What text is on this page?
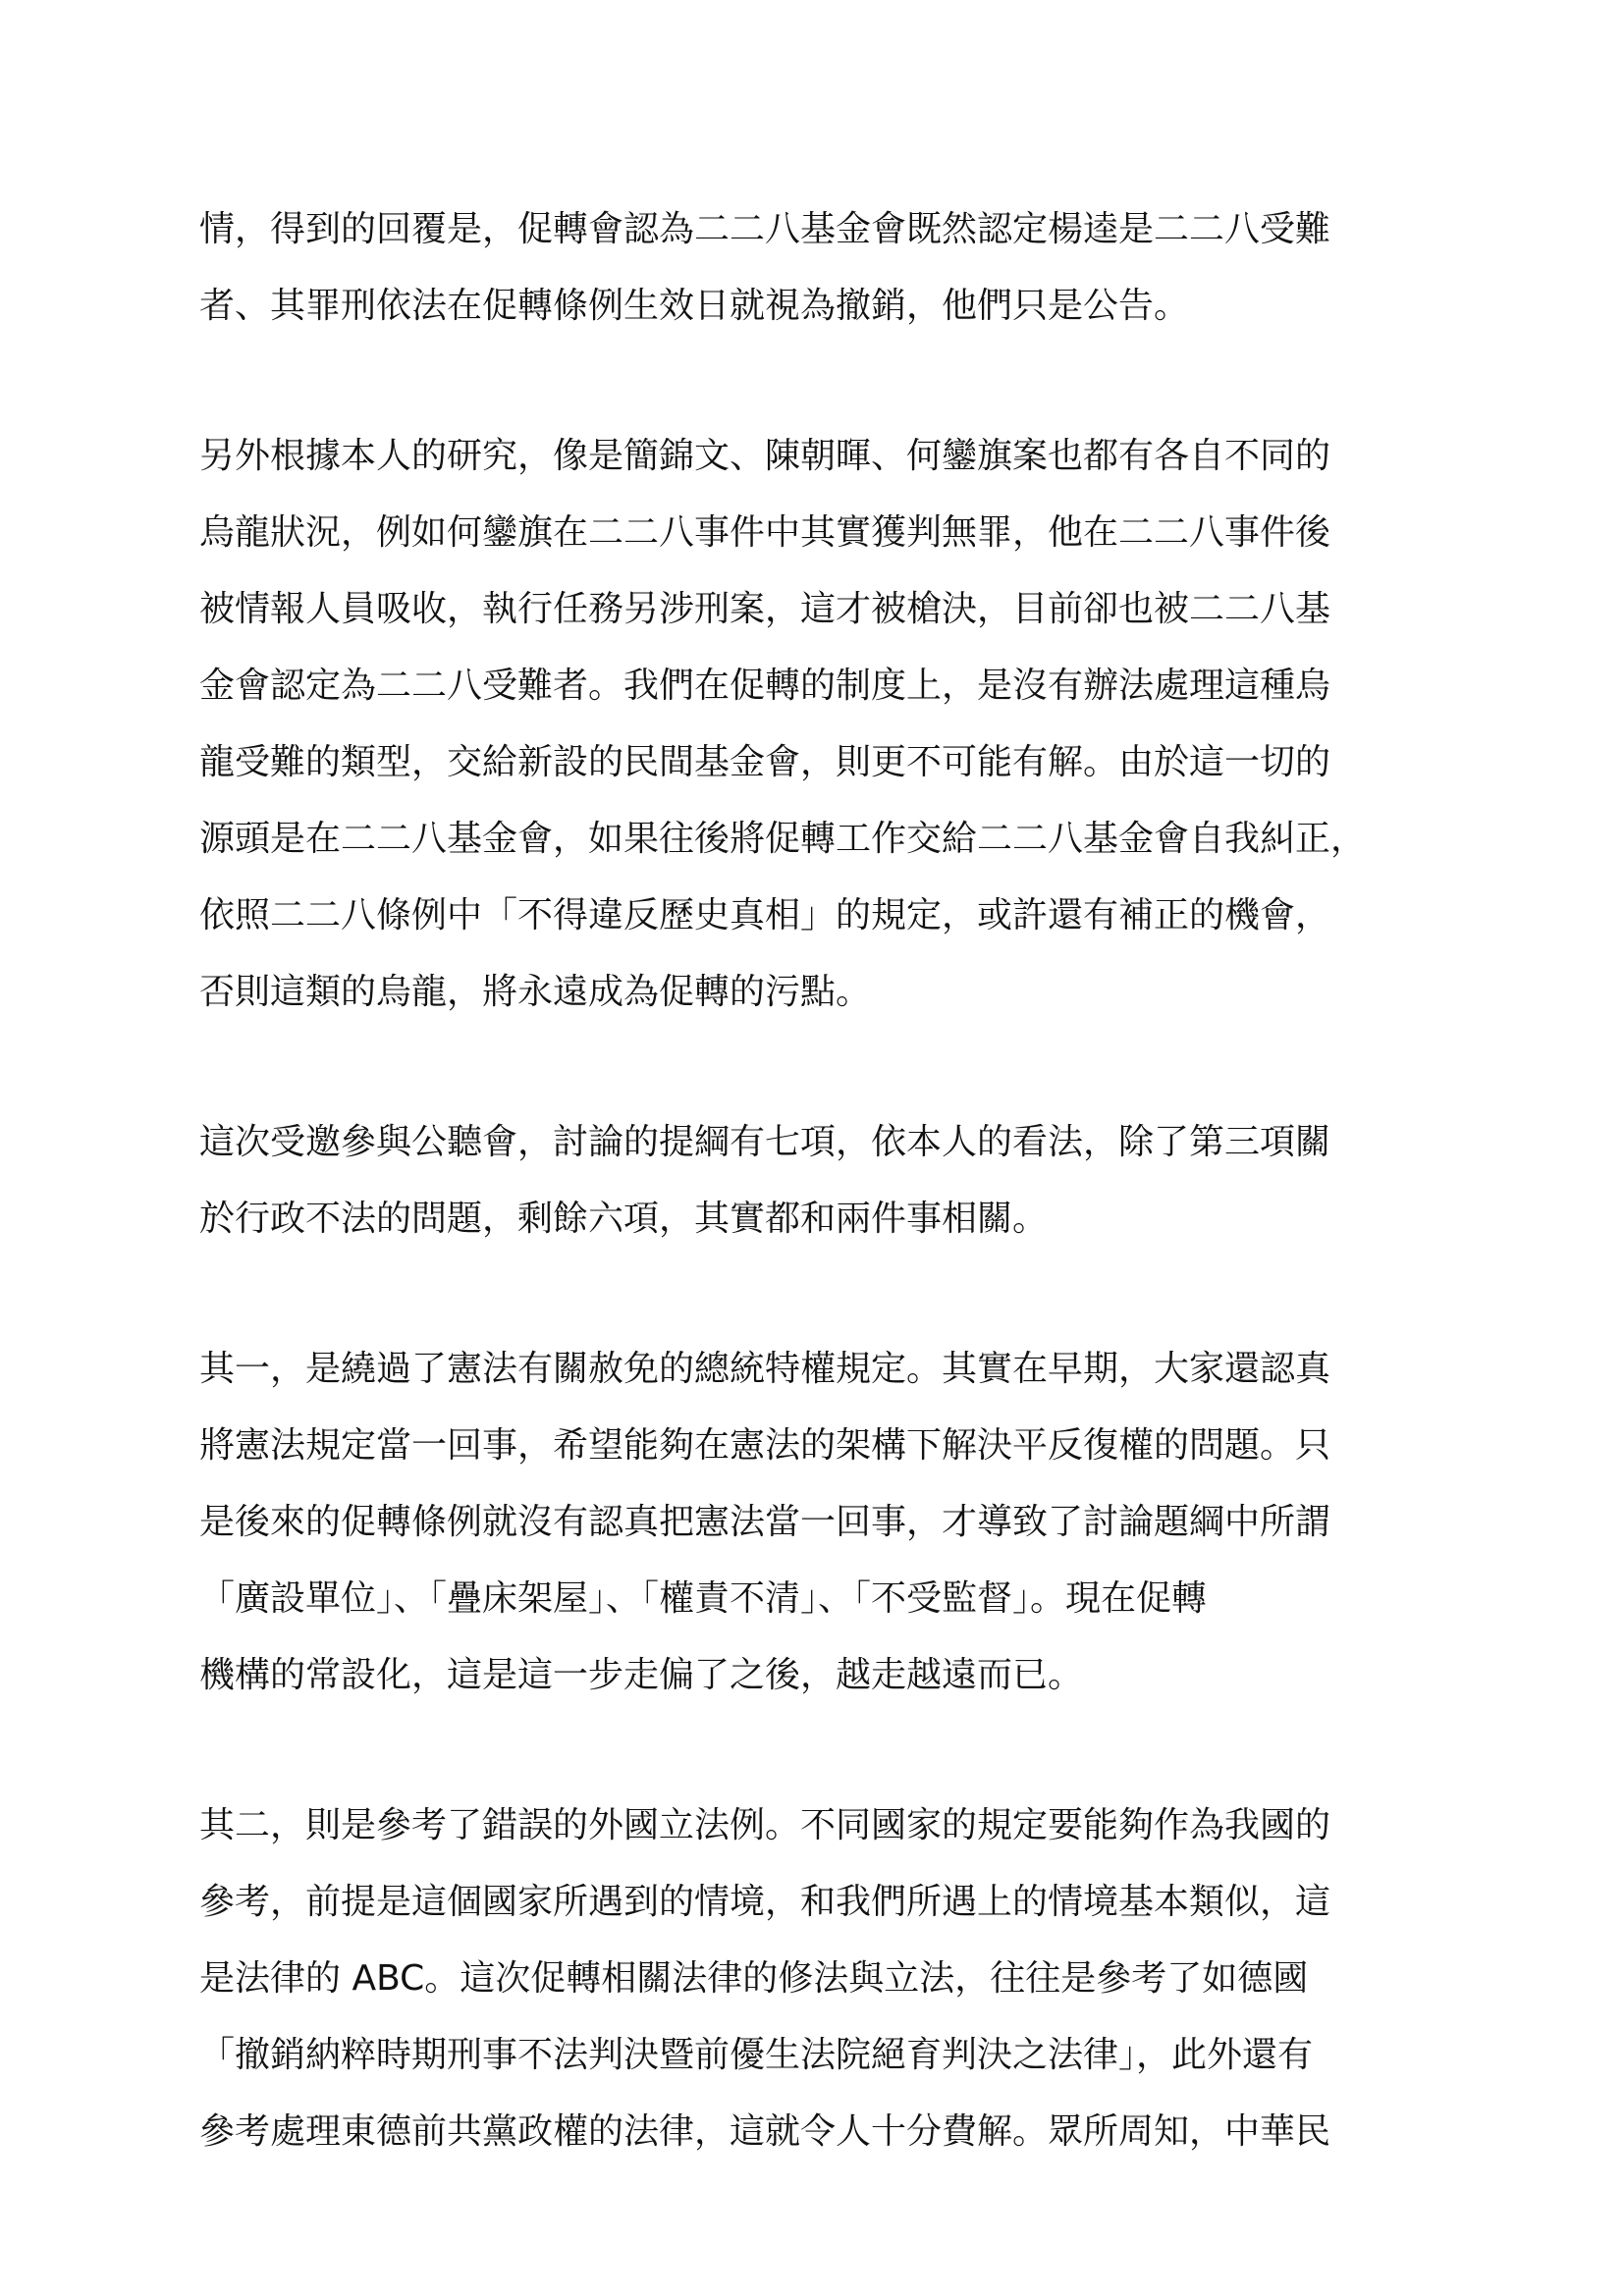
情，得到的回覆是，促轉會認為二二八基金會既然認定楊逵是二二八受難
者、其罪刑依法在促轉條例生效日就視為撤銷，他們只是公告。
另外根據本人的研究，像是簡錦文、陳朝暉、何鑾旗案也都有各自不同的
烏龍狀況，例如何鑾旗在二二八事件中其實獲判無罪，他在二二八事件後
被情報人員吸收，執行任務另涉刑案，這才被槍決，目前卻也被二二八基
金會認定為二二八受難者。我們在促轉的制度上，是沒有辦法處理這種烏
龍受難的類型，交給新設的民間基金會，則更不可能有解。由於這一切的
源頭是在二二八基金會，如果往後將促轉工作交給二二八基金會自我糾正，
依照二二八條例中「不得違反歷史真相」的規定，或許還有補正的機會，
否則這類的烏龍，將永遠成為促轉的污點。
這次受邀參與公聽會，討論的提綱有七項，依本人的看法，除了第三項關
於行政不法的問題，剩餘六項，其實都和兩件事相關。
其一，是繞過了憲法有關赦免的總統特權規定。其實在早期，大家還認真
將憲法規定當一回事，希望能夠在憲法的架構下解決平反復權的問題。只
是後來的促轉條例就沒有認真把憲法當一回事，才導致了討論題綱中所謂
「廣設單位」、「疊床架屋」、「權責不清」、「不受監督」。現在促轉
機構的常設化，這是這一步走偏了之後，越走越遠而已。
其二，則是參考了錯誤的外國立法例。不同國家的規定要能夠作為我國的
參考，前提是這個國家所遇到的情境，和我們所遇上的情境基本類似，這
是法律的 ABC。這次促轉相關法律的修法與立法，往往是參考了如德國
「撤銷納粹時期刑事不法判決暨前優生法院絕育判決之法律」，此外還有
參考處理東德前共黨政權的法律，這就令人十分費解。眾所周知，中華民
